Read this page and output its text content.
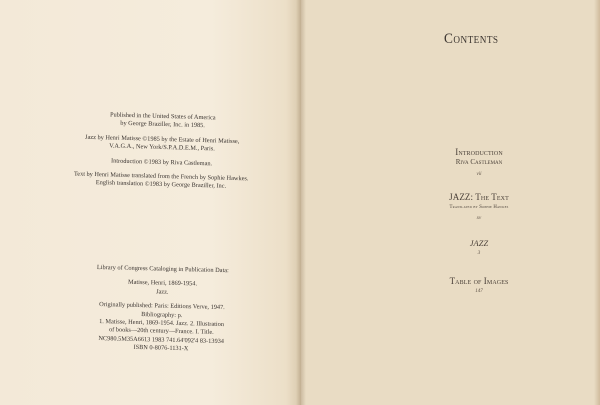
Published in the United States of America
by George Braziller, Inc. in 1985.

Jazz by Henri Matisse ©1985 by the Estate of Henri Matisse,
V.A.G.A., New York/S.P.A.D.E.M., Paris.

Introduction ©1983 by Riva Castleman.

Text by Henri Matisse translated from the French by Sophie Hawkes.
English translation ©1983 by George Braziller, Inc.

Library of Congress Cataloging in Publication Data:

Matisse, Henri, 1869-1954.
Jazz.

Originally published: Paris: Editions Verve, 1947.
Bibliography: p.
1. Matisse, Henri, 1869-1954. Jazz. 2. Illustration
of books—20th century—France. I. Title.
NC980.5M35A6613 1983 741.64'092'4 83-13934
ISBN 0-8076-1131-X

Contents
Introduction
Riva Castleman
vii
JAZZ: The Text
Translated by Sophie Hawkes
xv
JAZZ
3
Table of Images
147
